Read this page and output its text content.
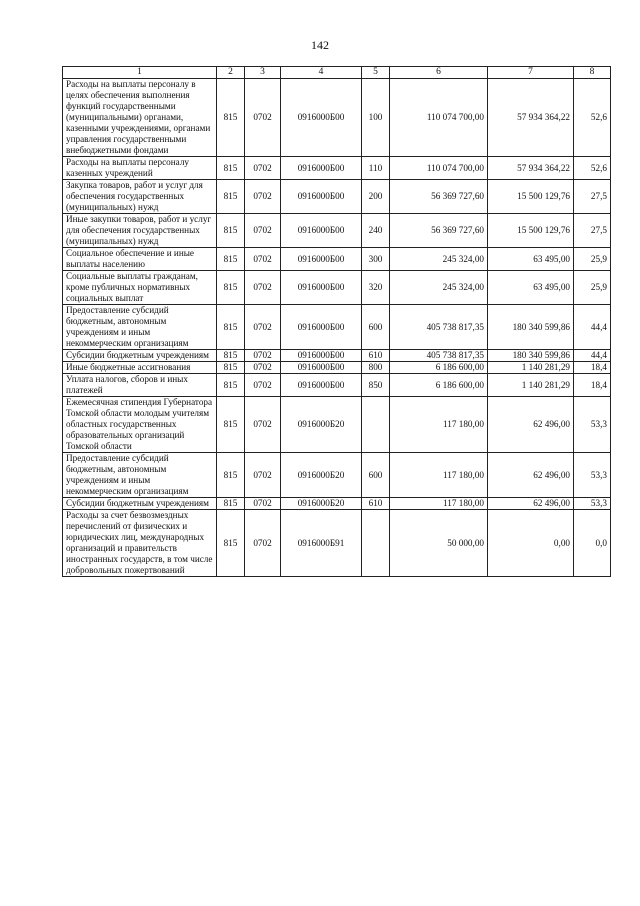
142
1	2	3	4	5	6	7	8
Расходы на выплаты персоналу в целях обеспечения выполнения функций государственными (муниципальными) органами, казенными учреждениями, органами управления государственными внебюджетными фондами	815	0702	0916000Б00	100	110 074 700,00	57 934 364,22	52,6
Расходы на выплаты персоналу казенных учреждений	815	0702	0916000Б00	110	110 074 700,00	57 934 364,22	52,6
Закупка товаров, работ и услуг для обеспечения государственных (муниципальных) нужд	815	0702	0916000Б00	200	56 369 727,60	15 500 129,76	27,5
Иные закупки товаров, работ и услуг для обеспечения государственных (муниципальных) нужд	815	0702	0916000Б00	240	56 369 727,60	15 500 129,76	27,5
Социальное обеспечение и иные выплаты населению	815	0702	0916000Б00	300	245 324,00	63 495,00	25,9
Социальные выплаты гражданам, кроме публичных нормативных социальных выплат	815	0702	0916000Б00	320	245 324,00	63 495,00	25,9
Предоставление субсидий бюджетным, автономным учреждениям и иным некоммерческим организациям	815	0702	0916000Б00	600	405 738 817,35	180 340 599,86	44,4
Субсидии бюджетным учреждениям	815	0702	0916000Б00	610	405 738 817,35	180 340 599,86	44,4
Иные бюджетные ассигнования	815	0702	0916000Б00	800	6 186 600,00	1 140 281,29	18,4
Уплата налогов, сборов и иных платежей	815	0702	0916000Б00	850	6 186 600,00	1 140 281,29	18,4
Ежемесячная стипендия Губернатора Томской области молодым учителям областных государственных образовательных организаций Томской области	815	0702	0916000Б20		117 180,00	62 496,00	53,3
Предоставление субсидий бюджетным, автономным учреждениям и иным некоммерческим организациям	815	0702	0916000Б20	600	117 180,00	62 496,00	53,3
Субсидии бюджетным учреждениям	815	0702	0916000Б20	610	117 180,00	62 496,00	53,3
Расходы за счет безвозмездных перечислений от физических и юридических лиц, международных организаций и правительств иностранных государств, в том числе добровольных пожертвований	815	0702	0916000Б91		50 000,00	0,00	0,0
